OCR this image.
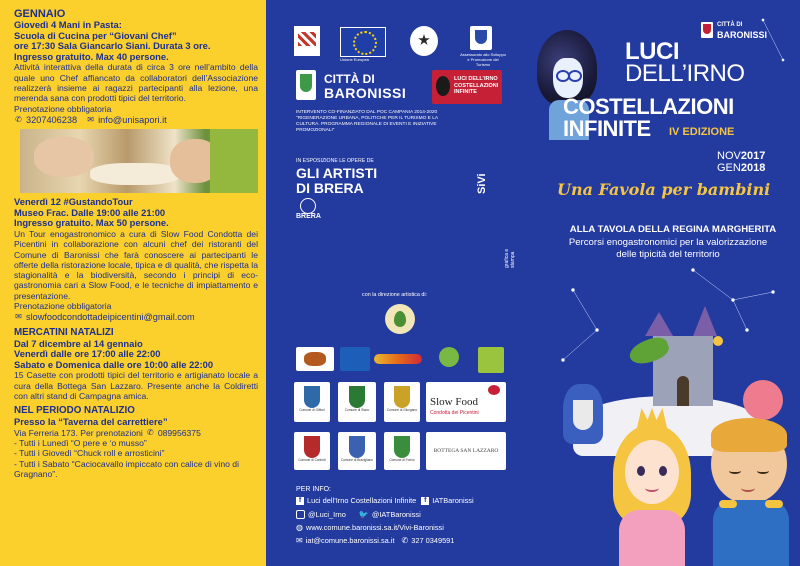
GENNAIO

Giovedì 4 Mani in Pasta:

Scuola di Cucina per “Giovani Chef”

ore 17:30 Sala Giancarlo Siani. Durata 3 ore.

Ingresso gratuito. Max 40 persone.

Attività interattiva della durata di circa 3 ore nell’ambito della quale uno Chef affiancato da collaboratori dell’Associazione realizzerà insieme ai ragazzi partecipanti alla lezione, una merenda sana con prodotti tipici del territorio.

Prenotazione obbligatoria

✆ 3207406238 ✉ info@unisapori.it

Venerdì 12 #GustandoTour

Museo Frac. Dalle 19:00 alle 21:00

Ingresso gratuito. Max 50 persone.

Un Tour enogastronomico a cura di Slow Food Condotta dei Picentini in collaborazione con alcuni chef dei ristoranti del Comune di Baronissi che farà conoscere ai partecipanti le offerte della ristorazione locale, tipica e di qualità, che rispetta la stagionalità e la biodiversità, secondo i principi di eco-gastronomia cari a Slow Food, e le tecniche di impiattamento e presentazione.

Prenotazione obbligatoria

✉ slowfoodcondottadeipicentini@gmail.com

MERCATINI NATALIZI

Dal 7 dicembre al 14 gennaio

Venerdì dalle ore 17:00 alle 22:00

Sabato e Domenica dalle ore 10:00 alle 22:00

15 Casette con prodotti tipici del territorio e artigianato locale a cura della Bottega San Lazzaro. Presente anche la Coldiretti con altri stand di Campagna amica.

NEL PERIODO NATALIZIO

Presso la “Taverna del carrettiere”

Via Ferreria 173. Per prenotazioni ✆ 089956375

- Tutti i Lunedì “O pere e ‘o musso”

- Tutti i Giovedì “Chuck roll e arrosticini”

- Tutti i Sabato “Caciocavallo impiccato con calice di vino di Gragnano”.

Unione Europea
Assessorato allo Sviluppo e Promozione del Turismo
CITTÀ DI
BARONISSI
LUCI DELL’IRNO COSTELLAZIONI INFINITE
INTERVENTO CO-FINANZIATO DAL POC CAMPANIA 2014-2020 “RIGENERAZIONE URBANA, POLITICHE PER IL TURISMO E LA CULTURA. PROGRAMMA REGIONALE DI EVENTI E INIZIATIVE PROMOZIONALI”
IN ESPOSIZIONE LE OPERE DE
GLI ARTISTI
DI BRERA
BRERA
SiVi
grafica e stampa
con la direzione artistica di:
Comune di Giffoni	Comune di Siano	Comune di Giungano
Slow Food
Condotta dei Picentini
Comune di Conforti	Comune di Bracigliano	Comune di Forino
BOTTEGA SAN LAZZARO
PER INFO:
f Luci dell’Irno Costellazioni Infinite	f IATBaronissi
@Luci_Irno 🐦 @IATBaronissi
◍ www.comune.baronissi.sa.it/Vivi-Baronissi
✉ iat@comune.baronissi.sa.it ✆ 327 0349591
CITTÀ DI
BARONISSI
LUCI
DELL’IRNO
COSTELLAZIONI
INFINITE IV EDIZIONE
NOV 2017
GEN 2018
Una Favola per bambini
ALLA TAVOLA DELLA REGINA MARGHERITA
Percorsi enogastronomici per la valorizzazione
delle tipicità del territorio
